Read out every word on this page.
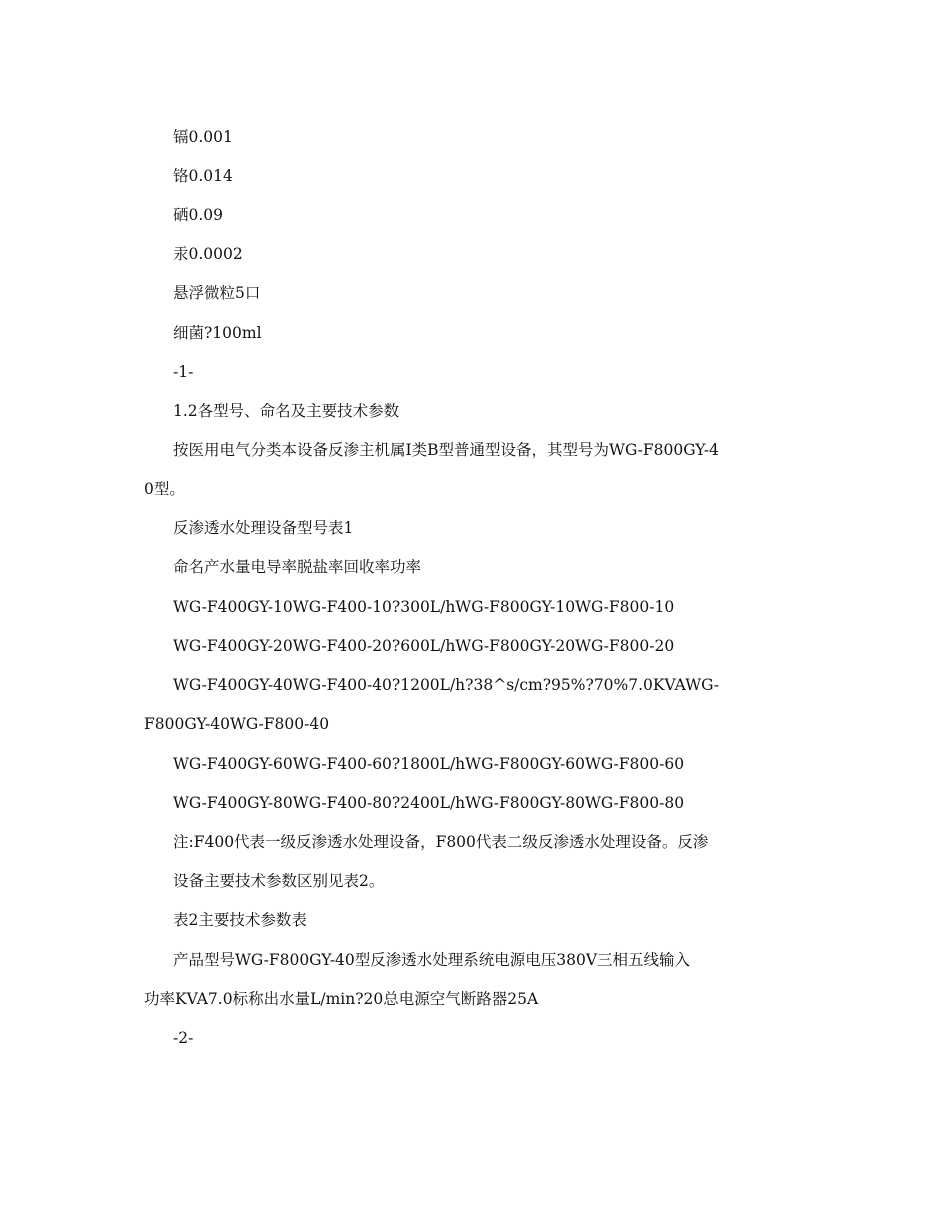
镉0.001
铬0.014
硒0.09
汞0.0002
悬浮微粒5口
细菌?100ml
-1-
1.2各型号、命名及主要技术参数
按医用电气分类本设备反渗主机属I类B型普通型设备，其型号为WG-F800GY-4
0型。
反渗透水处理设备型号表1
命名产水量电导率脱盐率回收率功率
WG-F400GY-10WG-F400-10?300L/hWG-F800GY-10WG-F800-10
WG-F400GY-20WG-F400-20?600L/hWG-F800GY-20WG-F800-20
WG-F400GY-40WG-F400-40?1200L/h?38^s/cm?95%?70%7.0KVAWG-
F800GY-40WG-F800-40
WG-F400GY-60WG-F400-60?1800L/hWG-F800GY-60WG-F800-60
WG-F400GY-80WG-F400-80?2400L/hWG-F800GY-80WG-F800-80
注:F400代表一级反渗透水处理设备，F800代表二级反渗透水处理设备。反渗
设备主要技术参数区别见表2。
表2主要技术参数表
产品型号WG-F800GY-40型反渗透水处理系统电源电压380V三相五线输入
功率KVA7.0标称出水量L/min?20总电源空气断路器25A
-2-
